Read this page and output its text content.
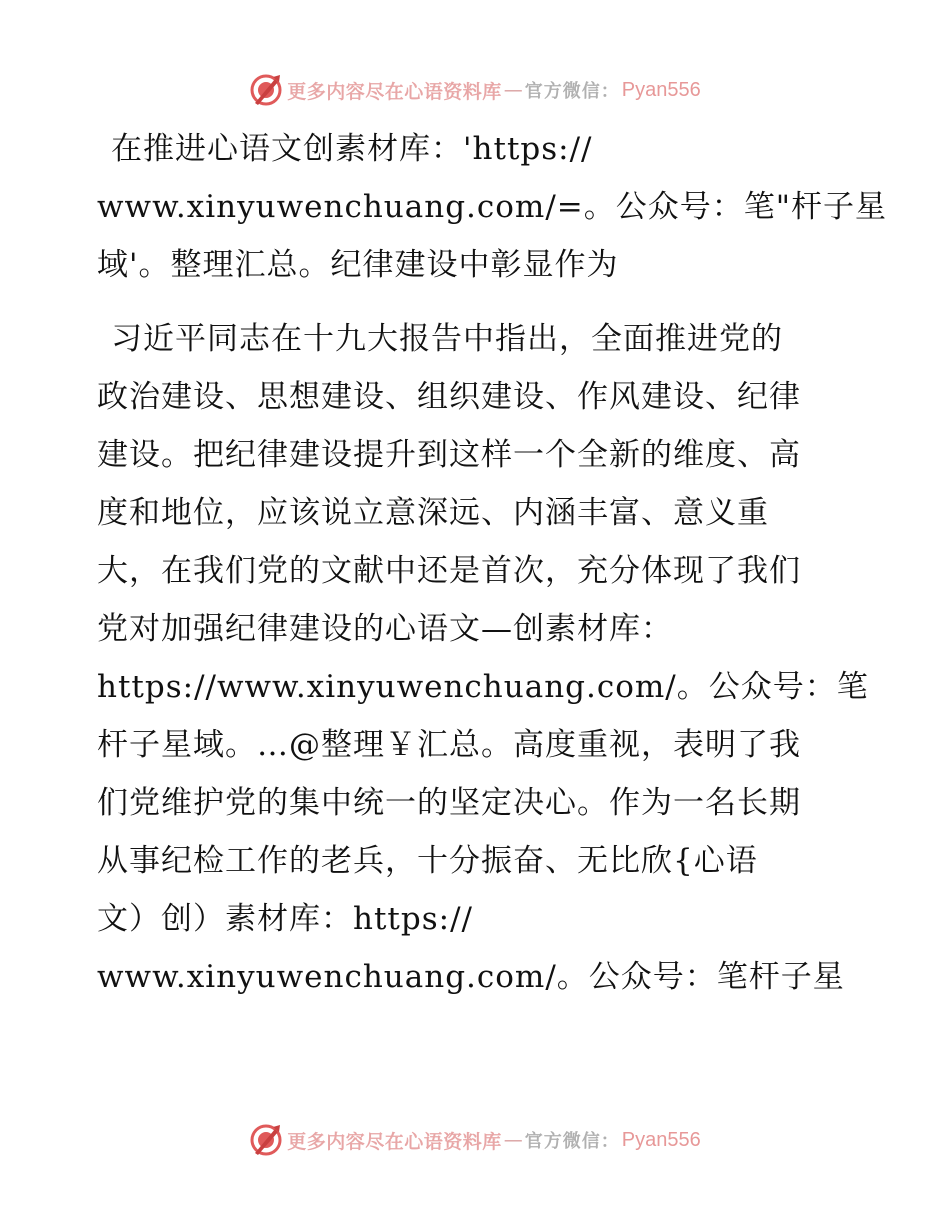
更多内容尽在心语资料库 — 官方微信： Pyan556
在推进心语文创素材库：'https://
www.xinyuwenchuang.com/=。公众号：笔"杆子星
域'。整理汇总。纪律建设中彰显作为
习近平同志在十九大报告中指出，全面推进党的
政治建设、思想建设、组织建设、作风建设、纪律
建设。把纪律建设提升到这样一个全新的维度、高
度和地位，应该说立意深远、内涵丰富、意义重
大，在我们党的文献中还是首次，充分体现了我们
党对加强纪律建设的心语文—创素材库：
https://www.xinyuwenchuang.com/。公众号：笔
杆子星域。…@整理￥汇总。高度重视，表明了我
们党维护党的集中统一的坚定决心。作为一名长期
从事纪检工作的老兵，十分振奋、无比欣{心语
文）创）素材库：https://
www.xinyuwenchuang.com/。公众号：笔杆子星
更多内容尽在心语资料库 — 官方微信： Pyan556
